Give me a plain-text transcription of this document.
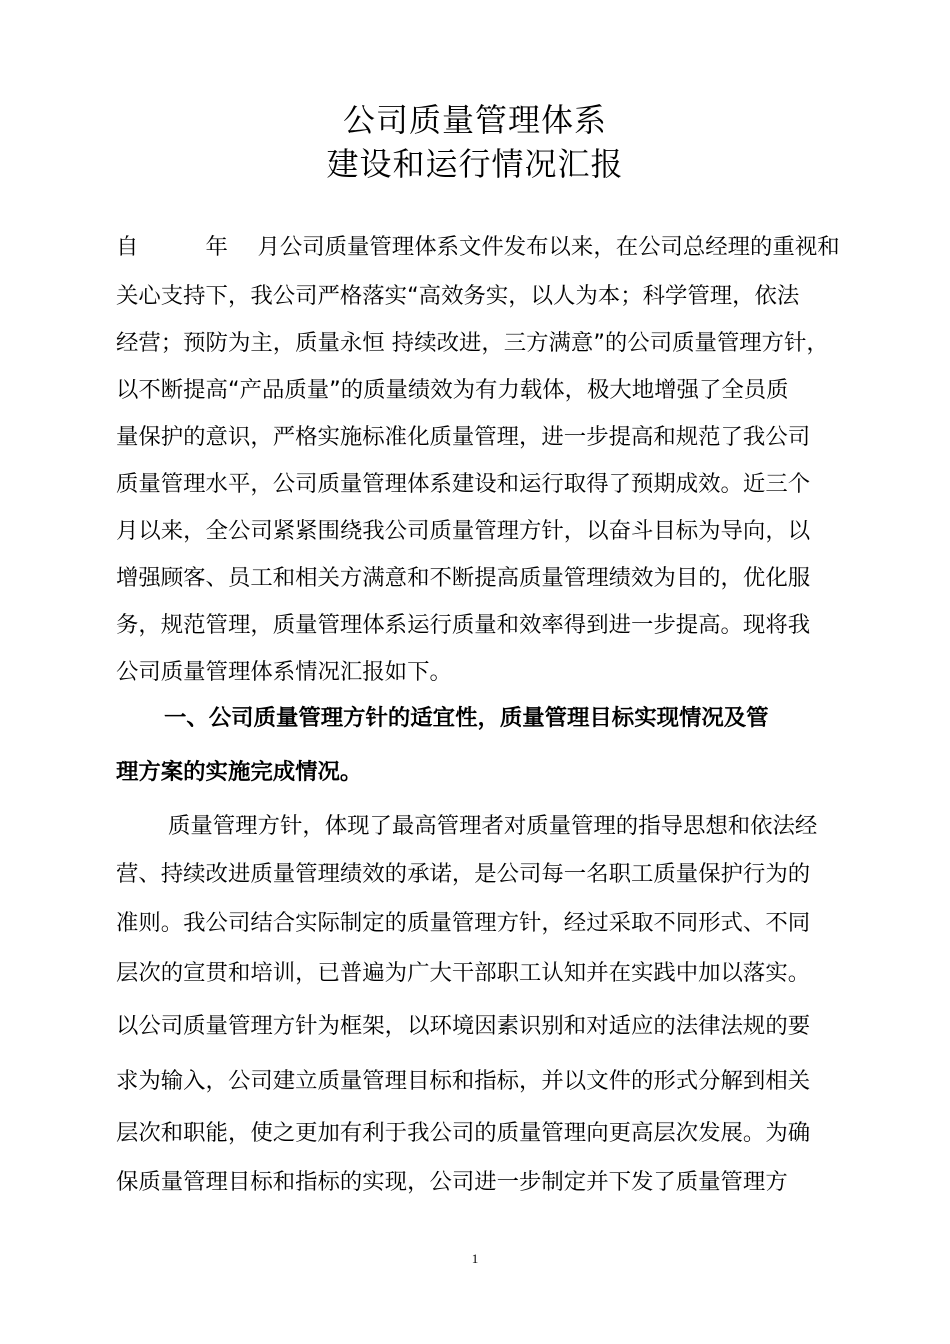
公司质量管理体系
建设和运行情况汇报
自　　　年　 月公司质量管理体系文件发布以来，在公司总经理的重视和
关心支持下，我公司严格落实“高效务实，以人为本；科学管理，依法
经营；预防为主，质量永恒 持续改进，三方满意”的公司质量管理方针，
以不断提高“产品质量”的质量绩效为有力载体，极大地增强了全员质
量保护的意识，严格实施标准化质量管理，进一步提高和规范了我公司
质量管理水平，公司质量管理体系建设和运行取得了预期成效。近三个
月以来，全公司紧紧围绕我公司质量管理方针，以奋斗目标为导向，以
增强顾客、员工和相关方满意和不断提高质量管理绩效为目的，优化服
务，规范管理，质量管理体系运行质量和效率得到进一步提高。现将我
公司质量管理体系情况汇报如下。
一、公司质量管理方针的适宜性，质量管理目标实现情况及管
理方案的实施完成情况。
质量管理方针，体现了最高管理者对质量管理的指导思想和依法经
营、持续改进质量管理绩效的承诺，是公司每一名职工质量保护行为的
准则。我公司结合实际制定的质量管理方针，经过采取不同形式、不同
层次的宣贯和培训，已普遍为广大干部职工认知并在实践中加以落实。
以公司质量管理方针为框架，以环境因素识别和对适应的法律法规的要
求为输入，公司建立质量管理目标和指标，并以文件的形式分解到相关
层次和职能，使之更加有利于我公司的质量管理向更高层次发展。为确
保质量管理目标和指标的实现，公司进一步制定并下发了质量管理方
1
